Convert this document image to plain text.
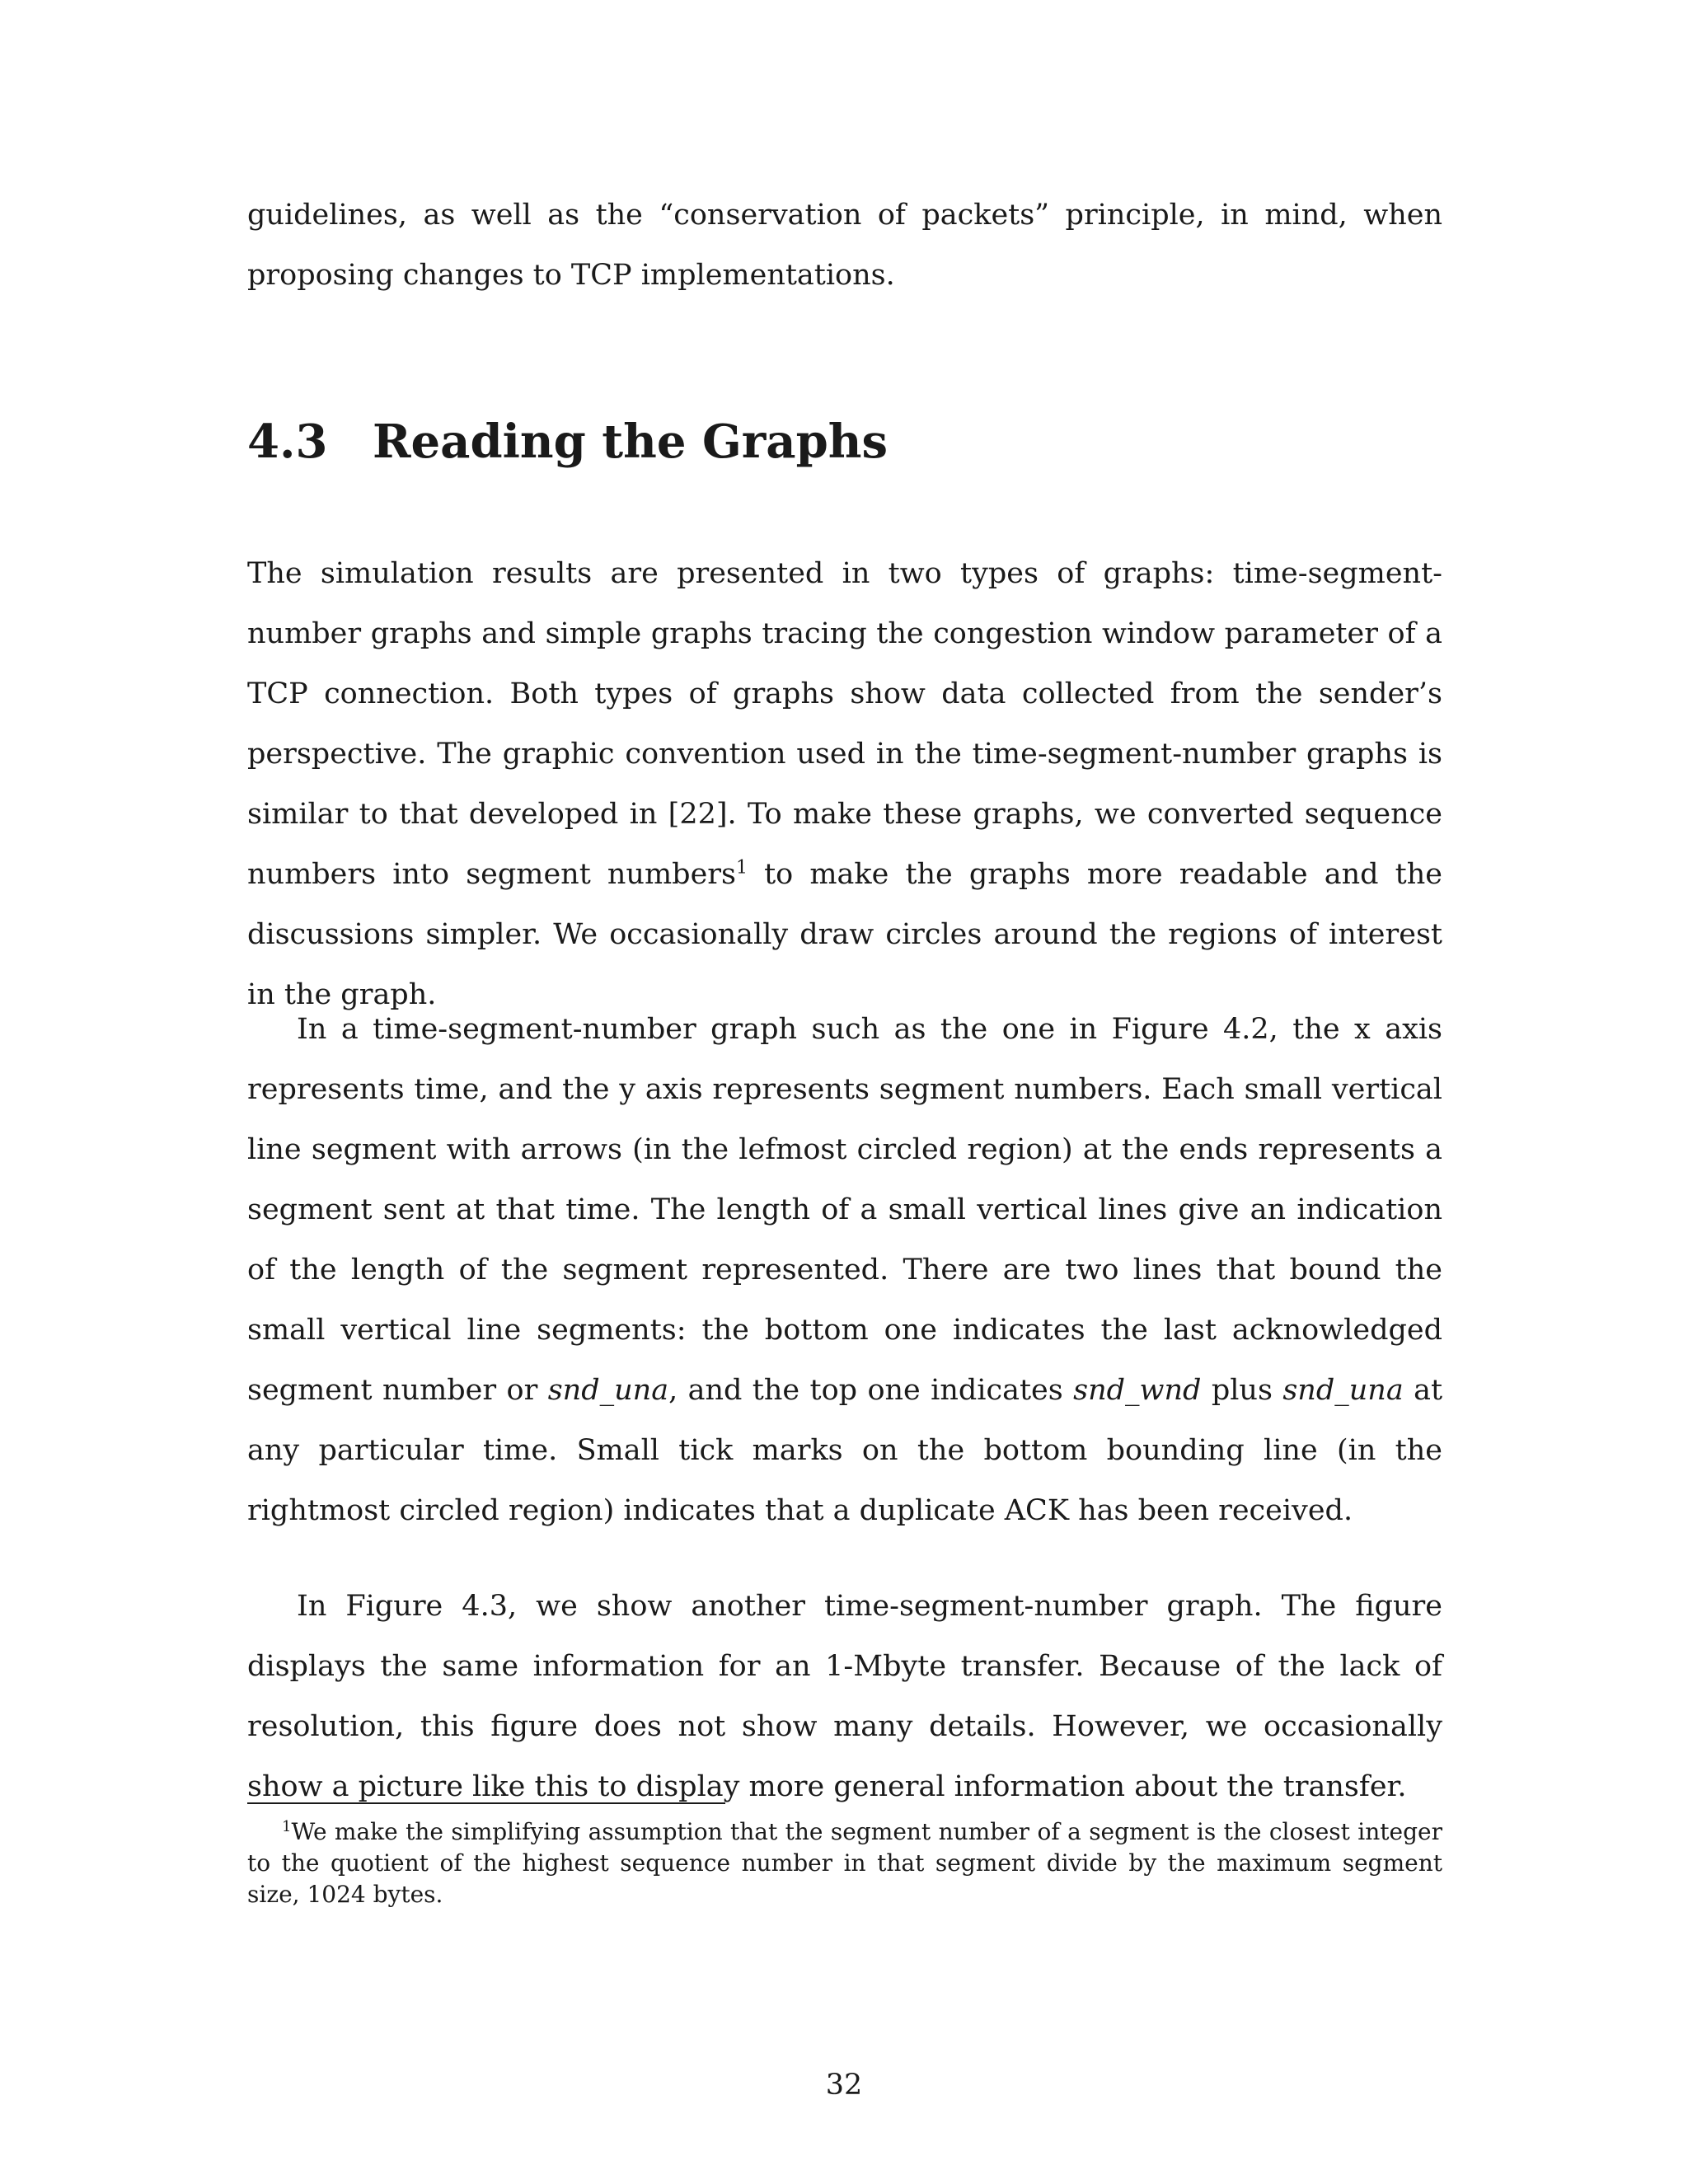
guidelines, as well as the “conservation of packets” principle, in mind, when proposing changes to TCP implementations.

4.3 Reading the Graphs

The simulation results are presented in two types of graphs: time-segment-number graphs and simple graphs tracing the congestion window parameter of a TCP connection. Both types of graphs show data collected from the sender’s perspective. The graphic convention used in the time-segment-number graphs is similar to that developed in [22]. To make these graphs, we converted sequence numbers into segment numbers$^1$ to make the graphs more readable and the discussions simpler. We occasionally draw circles around the regions of interest in the graph.

In a time-segment-number graph such as the one in Figure 4.2, the x axis represents time, and the y axis represents segment numbers. Each small vertical line segment with arrows (in the lefmost circled region) at the ends represents a segment sent at that time. The length of a small vertical lines give an indication of the length of the segment represented. There are two lines that bound the small vertical line segments: the bottom one indicates the last acknowledged segment number or snd_una, and the top one indicates snd_wnd plus snd_una at any particular time. Small tick marks on the bottom bounding line (in the rightmost circled region) indicates that a duplicate ACK has been received.

In Figure 4.3, we show another time-segment-number graph. The figure displays the same information for an 1-Mbyte transfer. Because of the lack of resolution, this figure does not show many details. However, we occasionally show a picture like this to display more general information about the transfer.

$^1$We make the simplifying assumption that the segment number of a segment is the closest integer to the quotient of the highest sequence number in that segment divide by the maximum segment size, 1024 bytes.

32
